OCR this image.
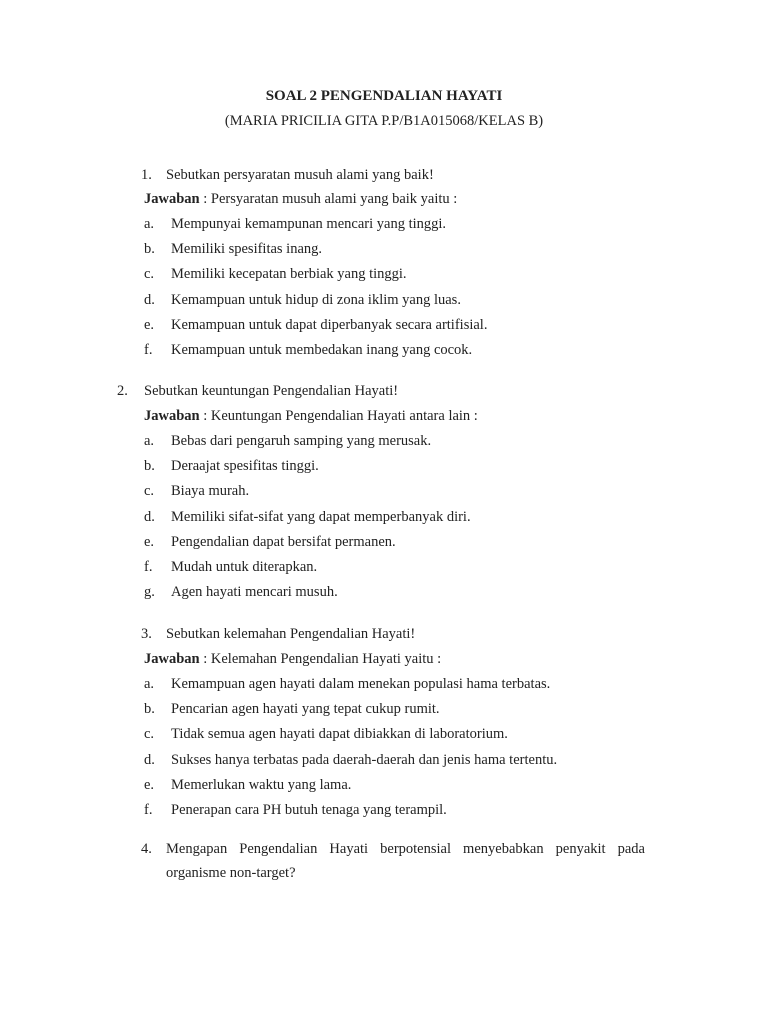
SOAL 2 PENGENDALIAN HAYATI
(MARIA PRICILIA GITA P.P/B1A015068/KELAS B)
1. Sebutkan persyaratan musuh alami yang baik!
Jawaban : Persyaratan musuh alami yang baik yaitu :
a. Mempunyai kemampunan mencari yang tinggi.
b. Memiliki spesifitas inang.
c. Memiliki kecepatan berbiak yang tinggi.
d. Kemampuan untuk hidup di zona iklim yang luas.
e. Kemampuan untuk dapat diperbanyak secara artifisial.
f. Kemampuan untuk membedakan inang yang cocok.
2. Sebutkan keuntungan Pengendalian Hayati!
Jawaban : Keuntungan Pengendalian Hayati antara lain :
a. Bebas dari pengaruh samping yang merusak.
b. Deraajat spesifitas tinggi.
c. Biaya murah.
d. Memiliki sifat-sifat yang dapat memperbanyak diri.
e. Pengendalian dapat bersifat permanen.
f. Mudah untuk diterapkan.
g. Agen hayati mencari musuh.
3. Sebutkan kelemahan Pengendalian Hayati!
Jawaban : Kelemahan Pengendalian Hayati yaitu :
a. Kemampuan agen hayati dalam menekan populasi hama terbatas.
b. Pencarian agen hayati yang tepat cukup rumit.
c. Tidak semua agen hayati dapat dibiakkan di laboratorium.
d. Sukses hanya terbatas pada daerah-daerah dan jenis hama tertentu.
e. Memerlukan waktu yang lama.
f. Penerapan cara PH butuh tenaga yang terampil.
4. Mengapan Pengendalian Hayati berpotensial menyebabkan penyakit pada
organisme non-target?
